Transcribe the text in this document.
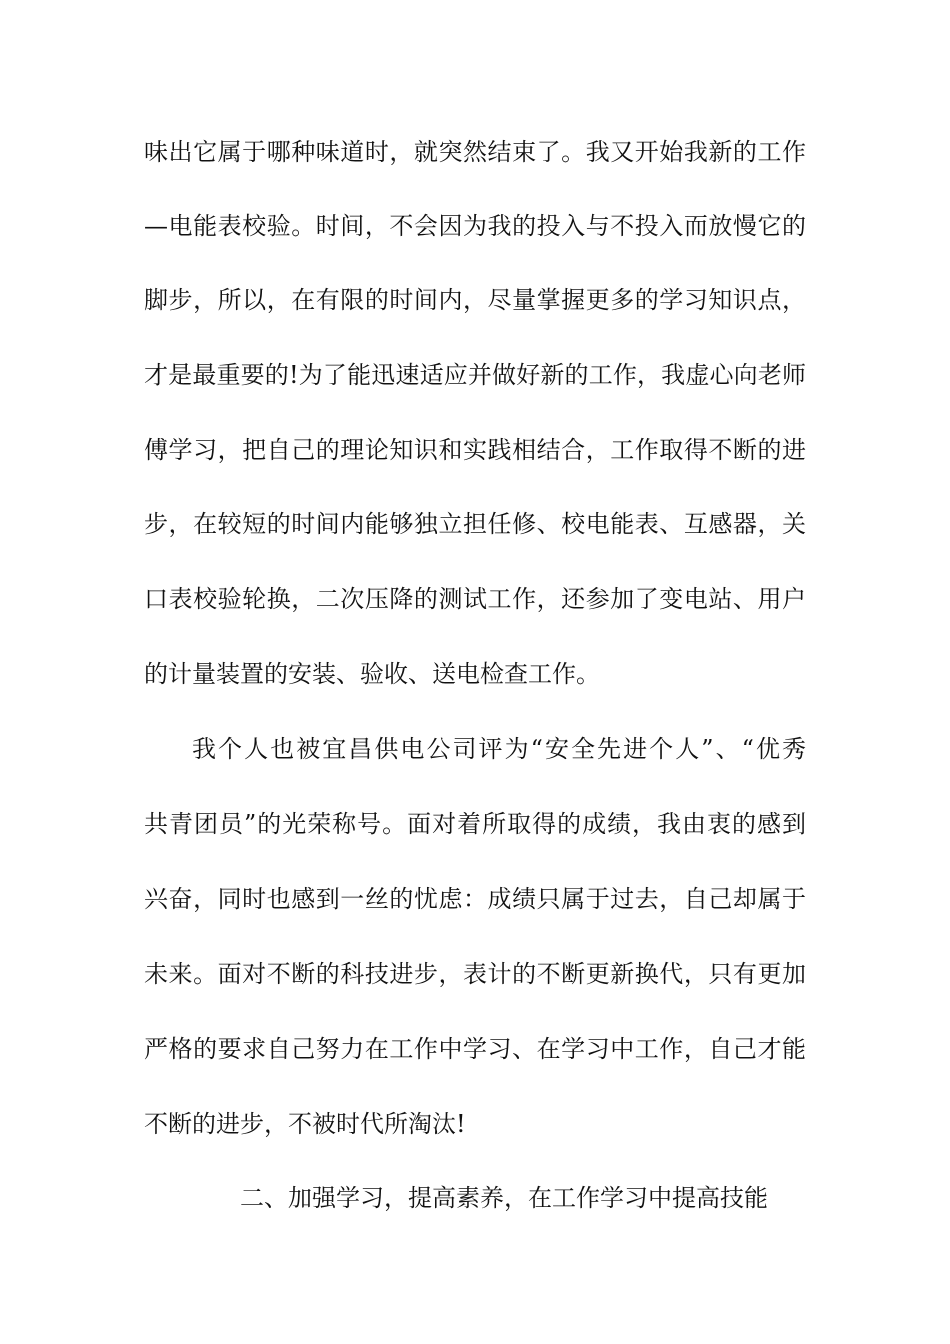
味出它属于哪种味道时，就突然结束了。我又开始我新的工作
—电能表校验。时间，不会因为我的投入与不投入而放慢它的
脚步，所以，在有限的时间内，尽量掌握更多的学习知识点，
才是最重要的!为了能迅速适应并做好新的工作，我虚心向老师
傅学习，把自己的理论知识和实践相结合，工作取得不断的进
步，在较短的时间内能够独立担任修、校电能表、互感器，关
口表校验轮换，二次压降的测试工作，还参加了变电站、用户
的计量装置的安装、验收、送电检查工作。
我个人也被宜昌供电公司评为“安全先进个人”、“优秀
共青团员”的光荣称号。面对着所取得的成绩，我由衷的感到
兴奋，同时也感到一丝的忧虑：成绩只属于过去，自己却属于
未来。面对不断的科技进步，表计的不断更新换代，只有更加
严格的要求自己努力在工作中学习、在学习中工作，自己才能
不断的进步，不被时代所淘汰!
二、加强学习，提高素养，在工作学习中提高技能
